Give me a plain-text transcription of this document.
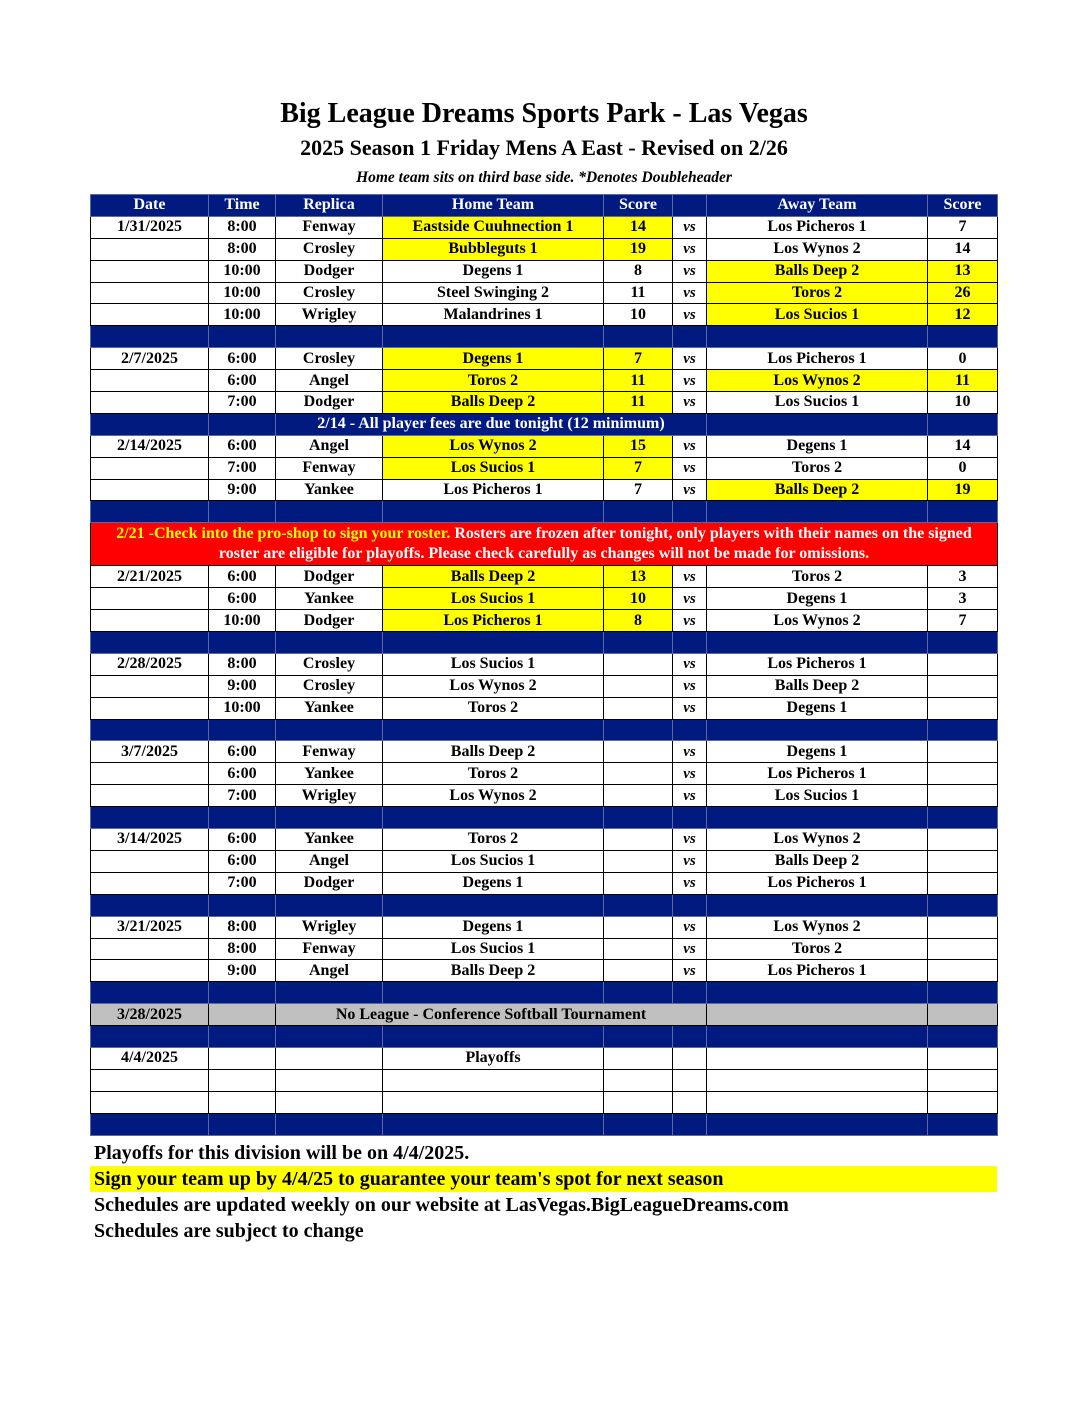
Big League Dreams Sports Park - Las Vegas
2025 Season 1 Friday Mens A East - Revised on 2/26
Home team sits on third base side. *Denotes Doubleheader
Date	Time	Replica	Home Team	Score		Away Team	Score
1/31/2025	8:00	Fenway	Eastside Cuuhnection 1	14	vs	Los Picheros 1	7
	8:00	Crosley	Bubbleguts 1	19	vs	Los Wynos 2	14
	10:00	Dodger	Degens 1	8	vs	Balls Deep 2	13
	10:00	Crosley	Steel Swinging 2	11	vs	Toros 2	26
	10:00	Wrigley	Malandrines 1	10	vs	Los Sucios 1	12

2/7/2025	6:00	Crosley	Degens 1	7	vs	Los Picheros 1	0
	6:00	Angel	Toros 2	11	vs	Los Wynos 2	11
	7:00	Dodger	Balls Deep 2	11	vs	Los Sucios 1	10
		2/14 - All player fees are due tonight (12 minimum)					
2/14/2025	6:00	Angel	Los Wynos 2	15	vs	Degens 1	14
	7:00	Fenway	Los Sucios 1	7	vs	Toros 2	0
	9:00	Yankee	Los Picheros 1	7	vs	Balls Deep 2	19

2/21 -Check into the pro-shop to sign your roster. Rosters are frozen after tonight, only players with their names on the signed roster are eligible for playoffs. Please check carefully as changes will not be made for omissions.							
2/21/2025	6:00	Dodger	Balls Deep 2	13	vs	Toros 2	3
	6:00	Yankee	Los Sucios 1	10	vs	Degens 1	3
	10:00	Dodger	Los Picheros 1	8	vs	Los Wynos 2	7

2/28/2025	8:00	Crosley	Los Sucios 1		vs	Los Picheros 1	
	9:00	Crosley	Los Wynos 2		vs	Balls Deep 2	
	10:00	Yankee	Toros 2		vs	Degens 1	

3/7/2025	6:00	Fenway	Balls Deep 2		vs	Degens 1	
	6:00	Yankee	Toros 2		vs	Los Picheros 1	
	7:00	Wrigley	Los Wynos 2		vs	Los Sucios 1	

3/14/2025	6:00	Yankee	Toros 2		vs	Los Wynos 2	
	6:00	Angel	Los Sucios 1		vs	Balls Deep 2	
	7:00	Dodger	Degens 1		vs	Los Picheros 1	

3/21/2025	8:00	Wrigley	Degens 1		vs	Los Wynos 2	
	8:00	Fenway	Los Sucios 1		vs	Toros 2	
	9:00	Angel	Balls Deep 2		vs	Los Picheros 1	

3/28/2025		No League - Conference Softball Tournament					

4/4/2025			Playoffs				

Playoffs for this division will be on 4/4/2025.
Sign your team up by 4/4/25 to guarantee your team's spot for next season
Schedules are updated weekly on our website at LasVegas.BigLeagueDreams.com
Schedules are subject to change
